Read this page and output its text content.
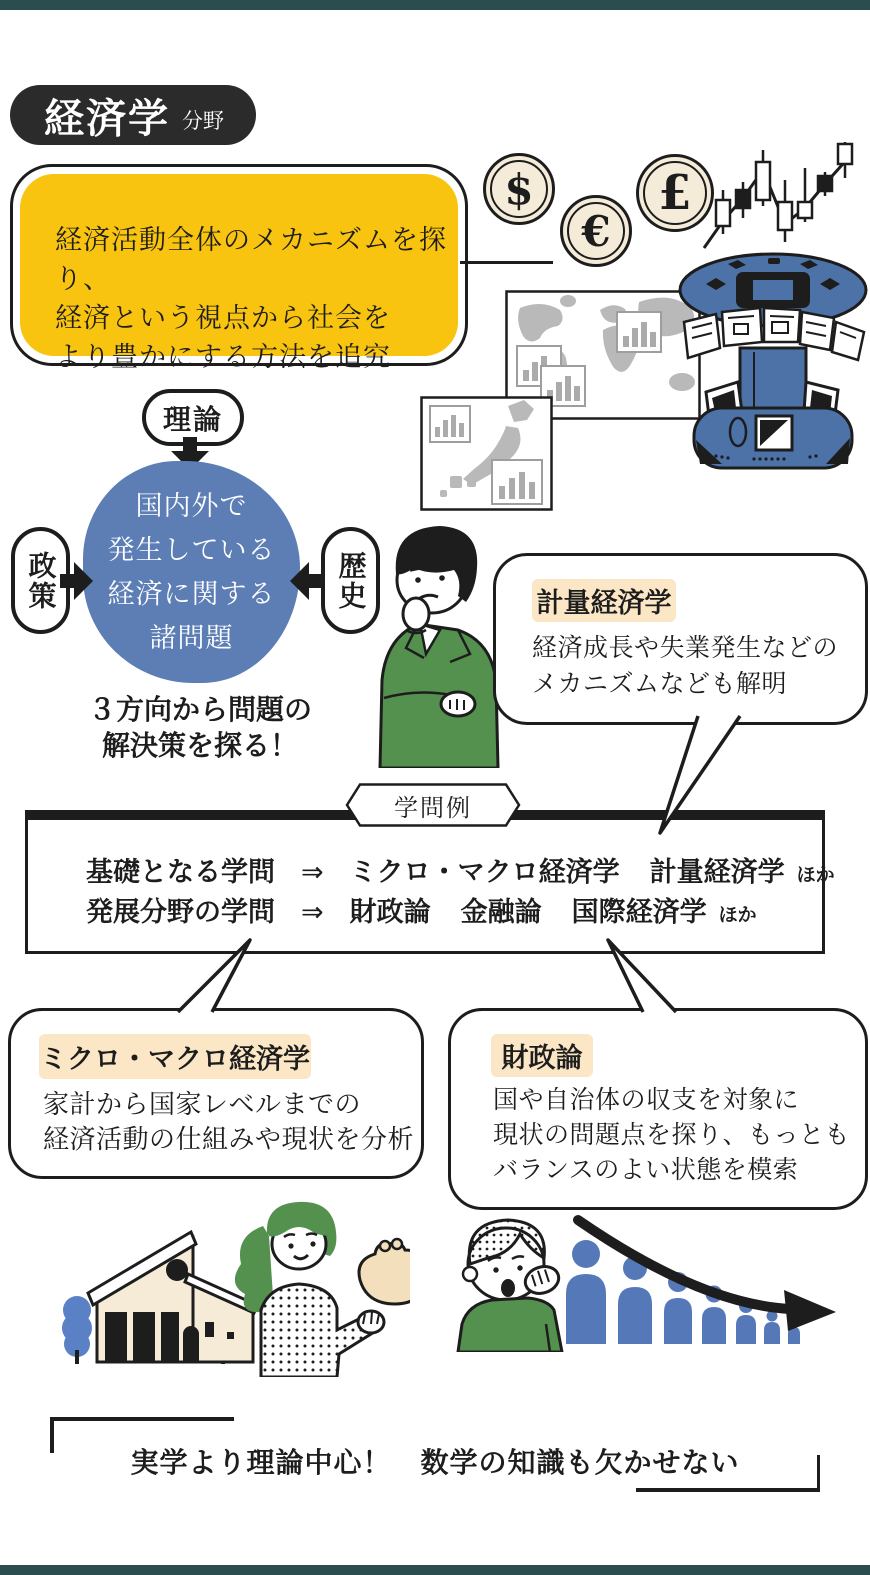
経済学 分野
経済活動全体のメカニズムを探り、
経済という視点から社会を
より豊かにする方法を追究
$
€
£
理論
国内外で
発生している
経済に関する
諸問題
政策	歴史
３方向から問題の
解決策を探る！
計量経済学
経済成長や失業発生などの
メカニズムなども解明
基礎となる学問 ⇒ ミクロ・マクロ経済学 計量経済学 ほか
発展分野の学問 ⇒ 財政論 金融論 国際経済学 ほか
学問例
ミクロ・マクロ経済学
家計から国家レベルまでの
経済活動の仕組みや現状を分析
財政論
国や自治体の収支を対象に
現状の問題点を探り、もっとも
バランスのよい状態を模索
実学より理論中心！　数学の知識も欠かせない
